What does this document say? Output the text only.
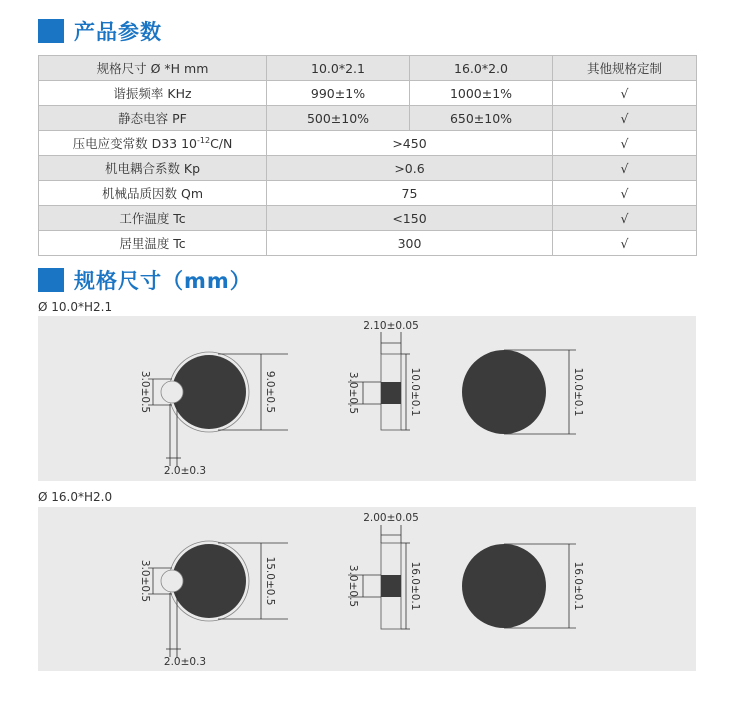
产品参数
规格尺寸 Ø *H mm	10.0*2.1	16.0*2.0	其他规格定制
谐振频率 KHz	990±1%	1000±1%	√
静态电容 PF	500±10%	650±10%	√
压电应变常数 D33 $10^{-12}C/N$	>450		√
机电耦合系数 Kp	>0.6		√
机械品质因数 Qm	75		√
工作温度 Tc	<150		√
居里温度 Tc	300		√
规格尺寸（mm）
Ø 10.0*H2.1
3.0±0.5	9.0±0.5
2.0±0.3
2.10±0.05
3.0±0.5	10.0±0.1	10.0±0.1
Ø 16.0*H2.0
3.0±0.5	15.0±0.5
2.0±0.3
2.00±0.05
3.0±0.5	16.0±0.1	16.0±0.1
